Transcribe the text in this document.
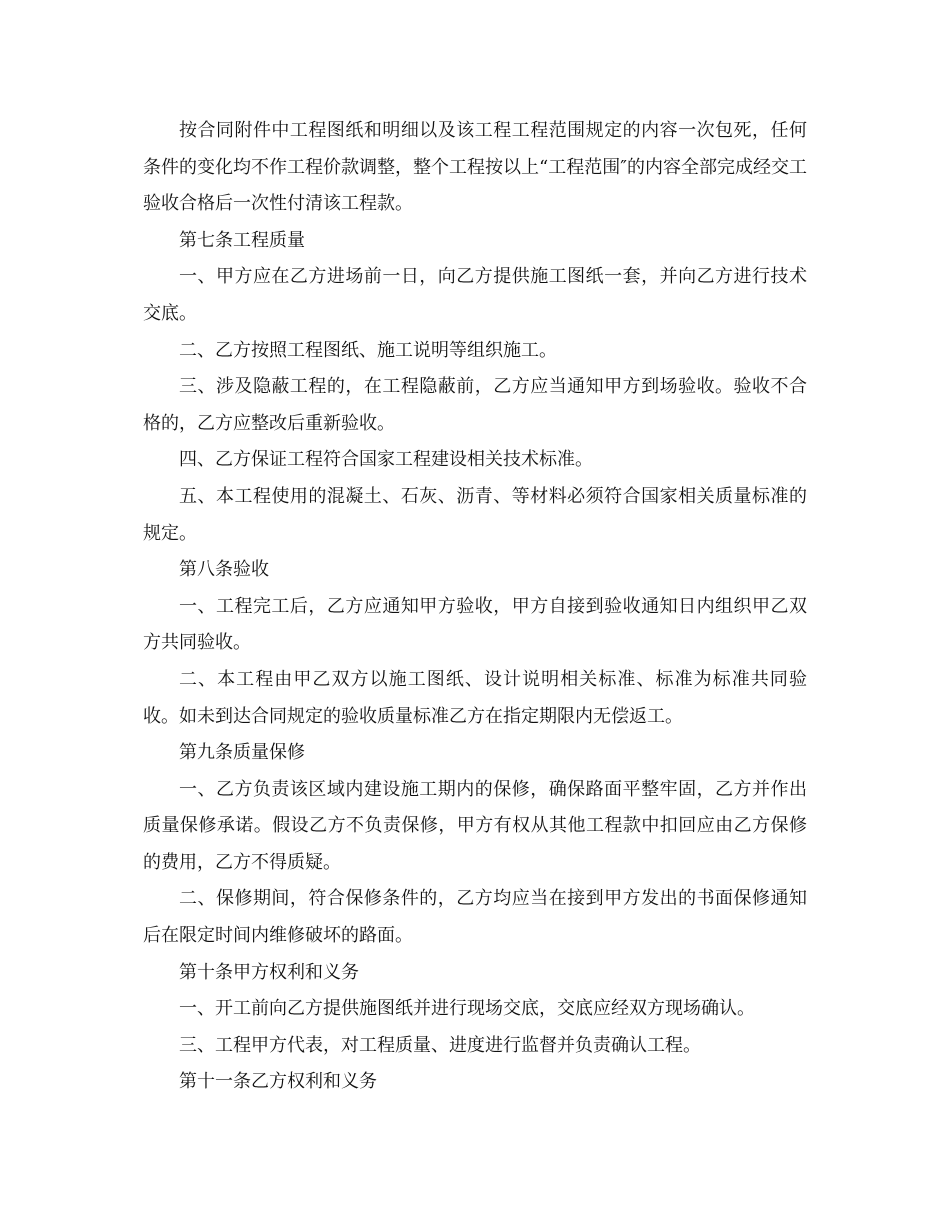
按合同附件中工程图纸和明细以及该工程工程范围规定的内容一次包死，任何条件的变化均不作工程价款调整，整个工程按以上“工程范围″的内容全部完成经交工验收合格后一次性付清该工程款。

第七条工程质量

一、甲方应在乙方进场前一日，向乙方提供施工图纸一套，并向乙方进行技术交底。

二、乙方按照工程图纸、施工说明等组织施工。

三、涉及隐蔽工程的，在工程隐蔽前，乙方应当通知甲方到场验收。验收不合格的，乙方应整改后重新验收。

四、乙方保证工程符合国家工程建设相关技术标准。

五、本工程使用的混凝土、石灰、沥青、等材料必须符合国家相关质量标准的规定。

第八条验收

一、工程完工后，乙方应通知甲方验收，甲方自接到验收通知日内组织甲乙双方共同验收。

二、本工程由甲乙双方以施工图纸、设计说明相关标准、标准为标准共同验收。如未到达合同规定的验收质量标准乙方在指定期限内无偿返工。

第九条质量保修

一、乙方负责该区域内建设施工期内的保修，确保路面平整牢固，乙方并作出质量保修承诺。假设乙方不负责保修，甲方有权从其他工程款中扣回应由乙方保修的费用，乙方不得质疑。

二、保修期间，符合保修条件的，乙方均应当在接到甲方发出的书面保修通知后在限定时间内维修破坏的路面。

第十条甲方权利和义务

一、开工前向乙方提供施图纸并进行现场交底，交底应经双方现场确认。

三、工程甲方代表，对工程质量、进度进行监督并负责确认工程。

第十一条乙方权利和义务
